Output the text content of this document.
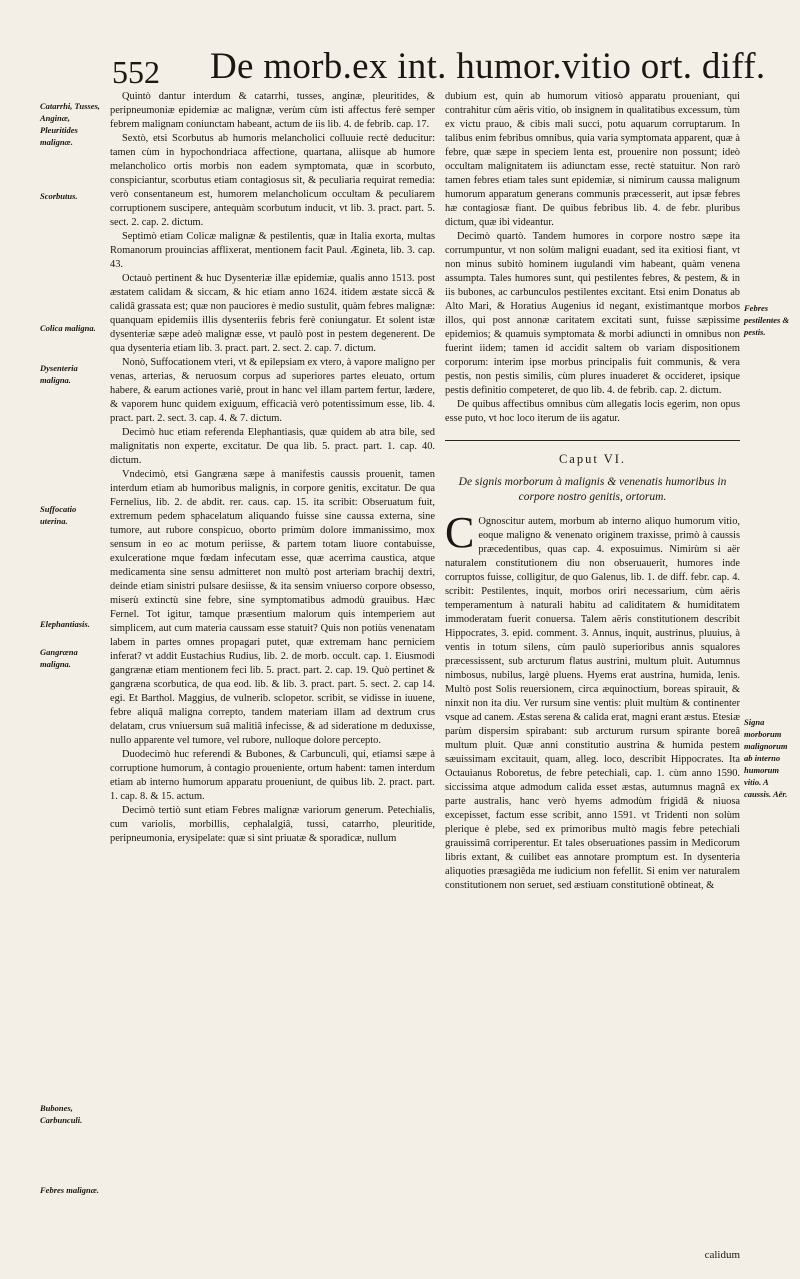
552 De morb.ex int. humor.vitio ort. diff.
Catarrhi, Tusses, Anginæ, Pleuritides malignæ.
Scorbutus.
Colica maligna.
Dysenteria maligna.
Suffocatio uterina.
Elephantiasis.
Gangræna maligna.
Bubones, Carbunculi.
Febres malignæ.
Febres pestilentes & pestis.
Signa morborum malignorum ab interno humorum vitio. A caussis. Aër.

Quintò dantur interdum & catarrhi, tusses, anginæ, pleuritides, & peripneumoniæ epidemiæ ac malignæ, verùm cùm isti affectus ferè semper febrem malignam coniunctam habeant, actum de iis lib. 4. de febrib. cap. 17.

Sextò, etsi Scorbutus ab humoris melancholici colluuie rectè deducitur: tamen cùm in hypochondriaca affectione, quartana, aliisque ab humore melancholico ortis morbis non eadem symptomata, quæ in scorbuto, conspiciantur, scorbutus etiam contagiosus sit, & peculiaria requirat remedia: verò consentaneum est, humorem melancholicum occultam & peculiarem corruptionem suscipere, antequàm scorbutum inducit, vt lib. 3. pract. part. 5. sect. 2. cap. 2. dictum.

Septimò etiam Colicæ malignæ & pestilentis, quæ in Italia exorta, multas Romanorum prouincias afflixerat, mentionem facit Paul. Æginetа, lib. 3. cap. 43.

Octauò pertinent & huc Dysenteriæ illæ epidemiæ, qualis anno 1513. post æstatem calidam & siccam, & hic etiam anno 1624. itidem æstate siccâ & calidâ grassata est; quæ non pauciores è medio sustulit, quàm febres malignæ: quanquam epidemiis illis dysenteriis febris ferè coniungatur. Et solent istæ dysenteriæ sæpe adeò malignæ esse, vt paulò post in pestem degenerent. De qua dysenteria etiam lib. 3. pract. part. 2. sect. 2. cap. 7. dictum.

Nonò, Suffocationem vteri, vt & epilepsiam ex vtero, à vapore maligno per venas, arterias, & neruosum corpus ad superiores partes eleuato, ortum habere, & earum actiones variè, prout in hanc vel illam partem fertur, lædere, & vaporem hunc quidem exiguum, efficacià verò potentissimum esse, lib. 4. pract. part. 2. sect. 3. cap. 4. & 7. dictum.

Decimò huc etiam referenda Elephantiasis, quæ quidem ab atra bile, sed malignitatis non experte, excitatur. De qua lib. 5. pract. part. 1. cap. 40. dictum.

Vndecimò, etsi Gangræna sæpe à manifestis caussis prouenit, tamen interdum etiam ab humoribus malignis, in corpore genitis, excitatur. De qua Fernelius, lib. 2. de abdit. rer. caus. cap. 15. ita scribit: Obseruatum fuit, extremum pedem sphacelatum aliquando fuisse sine caussa externa, sine tumore, aut rubore conspicuo, oborto primùm dolore immanissimo, mox sensum in eo ac motum periisse, & partem totam liuore contabuisse, exulceratione mque fœdam infecutam esse, quæ acerrima caustica, atque medicamenta sine sensu admitteret non multò post arteriam brachij dextri, deinde etiam sinistri pulsare desiisse, & ita sensim vniuerso corpore obsesso, miserù extinctù sine febre, sine symptomatibus admodù grauibus. Hæc Fernel. Tot igitur, tamque præsentium malorum quis intemperiem aut simplicem, aut cum materia caussam esse statuit? Quis non potiùs venenatam labem in partes omnes propagari putet, quæ extremam hanc perniciem inferat? vt addit Eustachius Rudius, lib. 2. de morb. occult. cap. 1. Eiusmodi gangrænæ etiam mentionem feci lib. 5. pract. part. 2. cap. 19. Quò pertinet & gangræna scorbutica, de qua eod. lib. & lib. 3. pract. part. 5. sect. 2. cap 14. egi. Et Barthol. Maggius, de vulnerib. sclopetor. scribit, se vidisse in iuuene, febre aliquâ maligna correpto, tandem materiam illam ad dextrum crus delatam, crus vniuersum suâ malitiâ infecisse, & ad sideratione m deduxisse, nullo apparente vel tumore, vel rubore, nulloque dolore percepto.

Duodecimò huc referendi & Bubones, & Carbunculi, qui, etiamsi sæpe à corruptione humorum, à contagio proueniente, ortum habent: tamen interdum etiam ab interno humorum apparatu proueniunt, de quibus lib. 2. pract. part. 1. cap. 8. & 15. actum.

Decimò tertiò sunt etiam Febres malignæ variorum generum. Petechialis, cum variolis, morbillis, cephalalgiâ, tussi, catarrho, pleuritide, peripneumonia, erysipelate: quæ si sint priuatæ & sporadicæ, nullum

dubium est, quin ab humorum vitiosò apparatu proueniant, qui contrahitur cùm aëris vitio, ob insignem in qualitatibus excessum, tùm ex victu prauo, & cibis mali succi, potu aquarum corruptarum. In talibus enim febribus omnibus, quia varia symptomata apparent, quæ à febre, quæ sæpe in speciem lenta est, prouenire non possunt; ideò occultam malignitatem iis adiunctam esse, rectè statuitur. Non rarò tamen febres etiam tales sunt epidemiæ, si nimirum caussa malignum humorum apparatum generans communis præcesserit, aut ipsæ febres hæ contagiosæ fiant. De quibus febribus lib. 4. de febr. pluribus dictum, quæ ibi videantur.

Decimò quartò. Tandem humores in corpore nostro sæpe ita corrumpuntur, vt non solùm maligni euadant, sed ita exitiosi fiant, vt non minus subitò hominem iugulandi vim habeant, quàm venena assumpta. Tales humores sunt, qui pestilentes febres, & pestem, & in iis bubones, ac carbunculos pestilentes excitant. Etsi enim Donatus ab Alto Mari, & Horatius Augenius id negant, existimantque morbos illos, qui post annonæ caritatem excitati sunt, fuisse sæpissime epidemios; & quamuis symptomata & morbi adiuncti in omnibus non fuerint iidem; tamen id accidit saltem ob variam dispositionem corporum: interim ipse morbus principalis fuit communis, & vera pestis, non pestis similis, cùm plures inuaderet & occideret, ipsique pestis definitio competeret, de quo lib. 4. de febrib. cap. 2. dictum.

De quibus affectibus omnibus cùm allegatis locis egerim, non opus esse puto, vt hoc loco iterum de iis agatur.

Caput VI.
De signis morborum à malignis & venenatis humoribus in corpore nostro genitis, ortorum.

C Ognoscitur autem, morbum ab interno aliquo humorum vitio, eoque maligno & venenato originem traxisse, primò à caussis præcedentibus, quas cap. 4. exposuimus. Nimirùm si aër naturalem constitutionem diu non obseruauerit, humores inde corruptos fuisse, colligitur, de quo Galenus, lib. 1. de diff. febr. cap. 4. scribit: Pestilentes, inquit, morbos oriri necessarium, cùm aëris temperamentum à naturali habitu ad caliditatem & humiditatem immoderatam fuerit conuersa. Talem aëris constitutionem describit Hippocrates, 3. epid. comment. 3. Annus, inquit, austrinus, pluuius, à ventis in totum silens, cùm paulò superioribus annis squalores præcessissent, sub arcturum flatus austrini, multum pluit. Autumnus nimbosus, nubilus, largè pluens. Hyems erat austrina, humida, lenis. Multò post Solis reuersionem, circa æquinoctium, boreas spirauit, & ninxit non ita diu. Ver rursum sine ventis: pluit multùm & continenter vsque ad canem. Æstas serena & calida erat, magni erant æstus. Etesiæ parùm dispersim spirabant: sub arcturum rursum spirante boreâ multum pluit. Quæ anni constitutio austrina & humida pestem sæuissimam excitauit, quam, alleg. loco, describit Hippocrates. Ita Octauianus Roboretus, de febre petechiali, cap. 1. cùm anno 1590. siccissima atque admodum calida esset æstas, autumnus magnâ ex parte australis, hanc verò hyems admodùm frigidâ & niuosa excepisset, factum esse scribit, anno 1591. vt Tridenti non solùm plerique è plebe, sed ex primoribus multò magis febre petechiali grauissimâ corriperentur. Et tales obseruationes passim in Medicorum libris extant, & cuilibet eas annotare promptum est. In dysenteria aliquoties præsagiêda me iudicium non fefellit. Si enim ver naturalem constitutionem non seruet, sed æstiuam constitutionê obtineat, &

calidum
